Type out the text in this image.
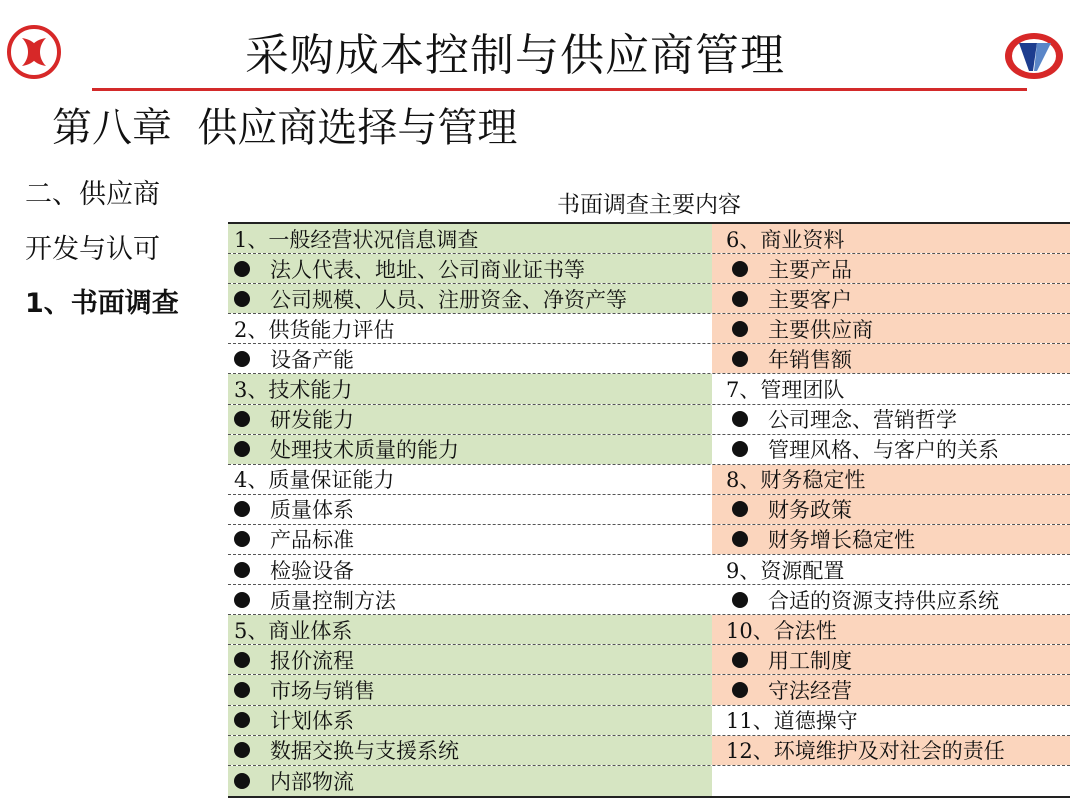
采购成本控制与供应商管理
第八章  供应商选择与管理
二、供应商
开发与认可
1、书面调查
书面调查主要内容
1、一般经营状况信息调查	6、商业资料
法人代表、地址、公司商业证书等	主要产品
公司规模、人员、注册资金、净资产等	主要客户
2、供货能力评估	主要供应商
设备产能	年销售额
3、技术能力	7、管理团队
研发能力	公司理念、营销哲学
处理技术质量的能力	管理风格、与客户的关系
4、质量保证能力	8、财务稳定性
质量体系	财务政策
产品标准	财务增长稳定性
检验设备	9、资源配置
质量控制方法	合适的资源支持供应系统
5、商业体系	10、合法性
报价流程	用工制度
市场与销售	守法经营
计划体系	11、道德操守
数据交换与支援系统	12、环境维护及对社会的责任
内部物流
